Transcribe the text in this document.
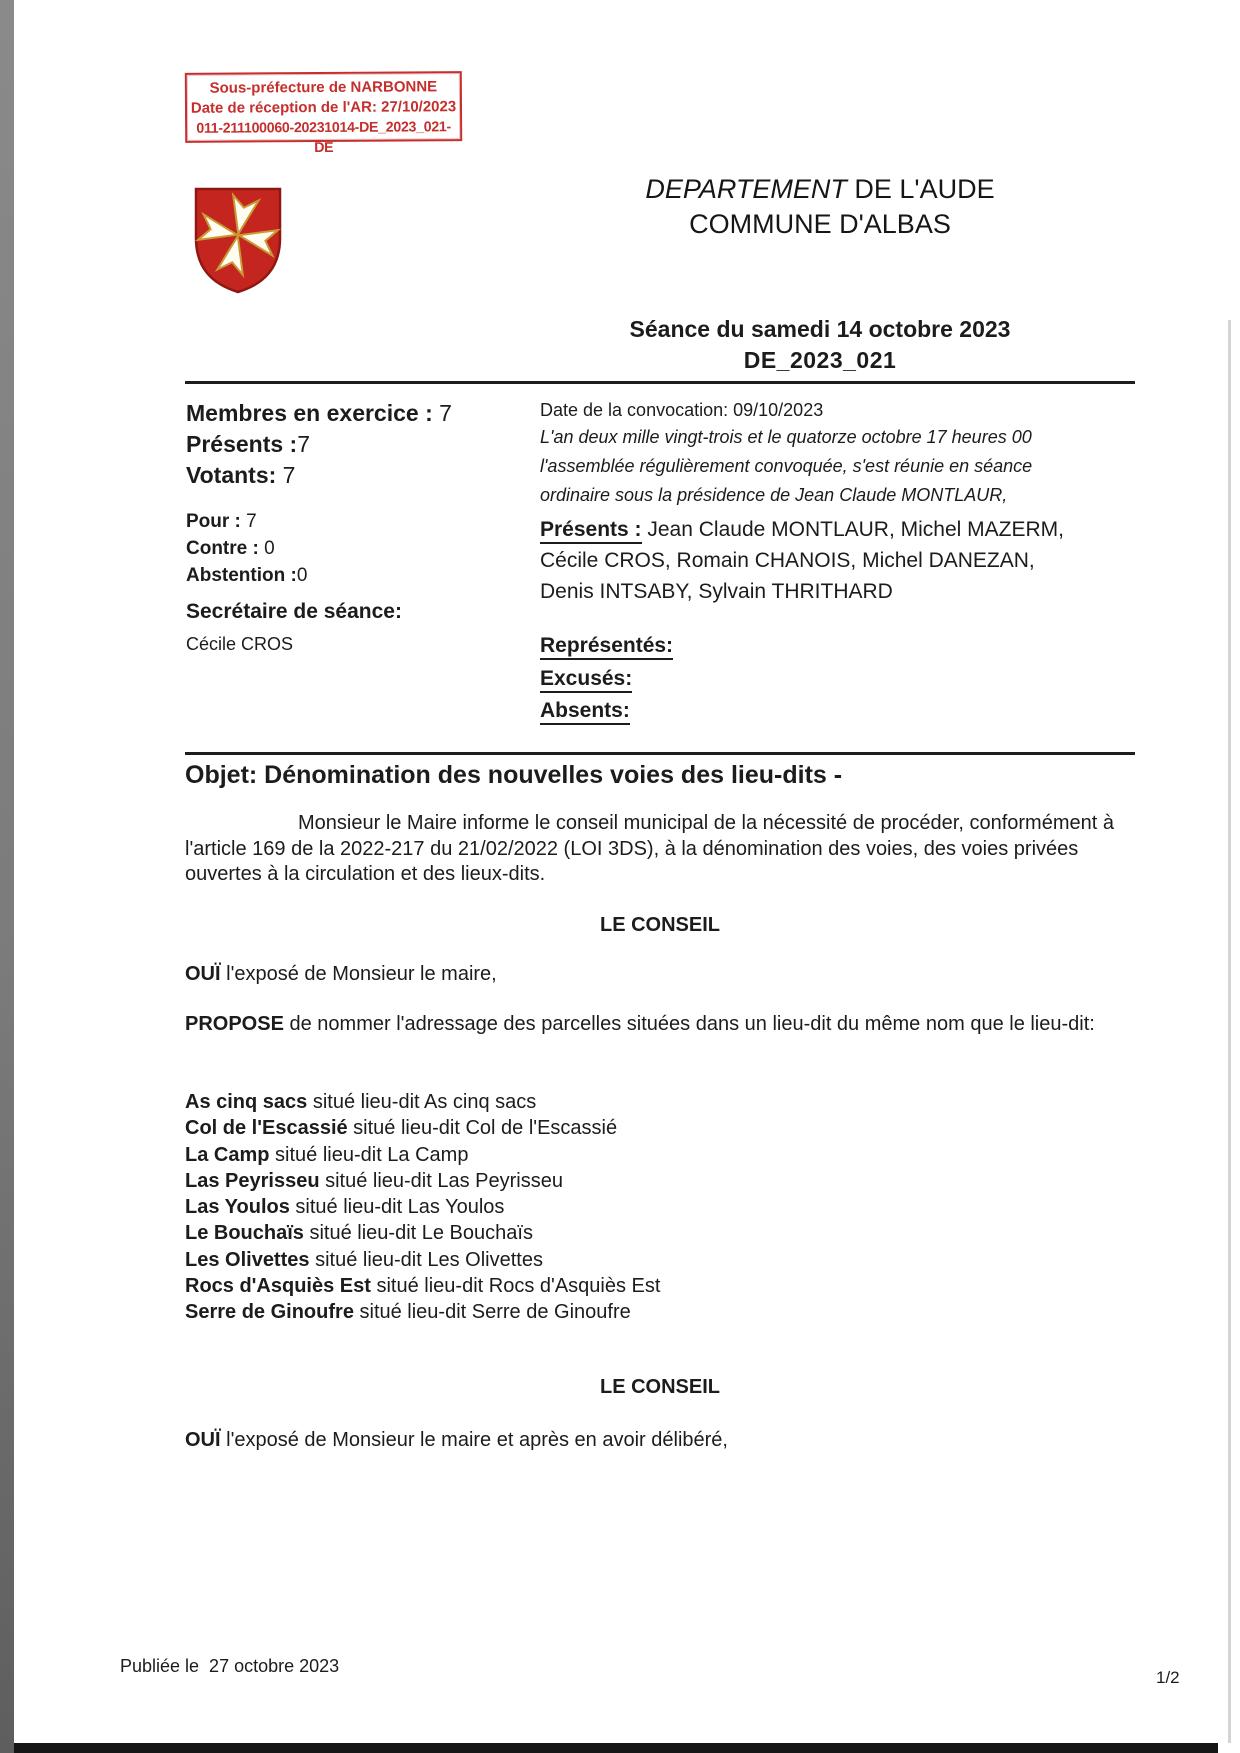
Sous-préfecture de NARBONNE
Date de réception de l'AR: 27/10/2023
011-211100060-20231014-DE_2023_021-DE
DEPARTEMENT DE L'AUDE
COMMUNE D'ALBAS
Séance du samedi 14 octobre 2023
DE_2023_021
Membres en exercice : 7
Présents :7
Votants: 7
Pour : 7
Contre : 0
Abstention :0
Secrétaire de séance:
Cécile CROS
Date de la convocation: 09/10/2023
L'an deux mille vingt-trois et le quatorze octobre 17 heures 00 l'assemblée régulièrement convoquée, s'est réunie en séance ordinaire sous la présidence de Jean Claude MONTLAUR,
Présents : Jean Claude MONTLAUR, Michel MAZERM, Cécile CROS, Romain CHANOIS, Michel DANEZAN, Denis INTSABY, Sylvain THRITHARD
Représentés:
Excusés:
Absents:
Objet: Dénomination des nouvelles voies des lieu-dits -

Monsieur le Maire informe le conseil municipal de la nécessité de procéder, conformément à l'article 169 de la 2022-217 du 21/02/2022 (LOI 3DS), à la dénomination des voies, des voies privées ouvertes à la circulation et des lieux-dits.

LE CONSEIL
OUÏ l'exposé de Monsieur le maire,
PROPOSE de nommer l'adressage des parcelles situées dans un lieu-dit du même nom que le lieu-dit:
As cinq sacs situé lieu-dit As cinq sacs
Col de l'Escassié situé lieu-dit Col de l'Escassié
La Camp situé lieu-dit La Camp
Las Peyrisseu situé lieu-dit Las Peyrisseu
Las Youlos situé lieu-dit Las Youlos
Le Bouchaïs situé lieu-dit Le Bouchaïs
Les Olivettes situé lieu-dit Les Olivettes
Rocs d'Asquiès Est situé lieu-dit Rocs d'Asquiès Est
Serre de Ginoufre situé lieu-dit Serre de Ginoufre
LE CONSEIL
OUÏ l'exposé de Monsieur le maire et après en avoir délibéré,
Publiée le  27 octobre 2023
1/2
